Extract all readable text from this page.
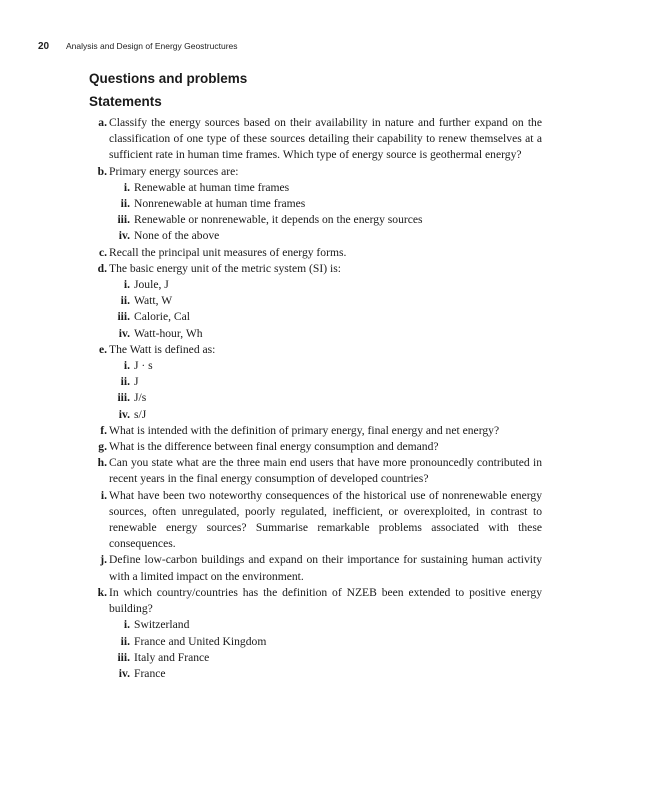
20 Analysis and Design of Energy Geostructures
Questions and problems
Statements
a. Classify the energy sources based on their availability in nature and further expand on the classification of one type of these sources detailing their capability to renew themselves at a sufficient rate in human time frames. Which type of energy source is geothermal energy?
b. Primary energy sources are:
i. Renewable at human time frames
ii. Nonrenewable at human time frames
iii. Renewable or nonrenewable, it depends on the energy sources
iv. None of the above
c. Recall the principal unit measures of energy forms.
d. The basic energy unit of the metric system (SI) is:
i. Joule, J
ii. Watt, W
iii. Calorie, Cal
iv. Watt-hour, Wh
e. The Watt is defined as:
i. J · s
ii. J
iii. J/s
iv. s/J
f. What is intended with the definition of primary energy, final energy and net energy?
g. What is the difference between final energy consumption and demand?
h. Can you state what are the three main end users that have more pronouncedly contributed in recent years in the final energy consumption of developed countries?
i. What have been two noteworthy consequences of the historical use of nonrenewable energy sources, often unregulated, poorly regulated, inefficient, or overexploited, in contrast to renewable energy sources? Summarise remarkable problems associated with these consequences.
j. Define low-carbon buildings and expand on their importance for sustaining human activity with a limited impact on the environment.
k. In which country/countries has the definition of NZEB been extended to positive energy building?
i. Switzerland
ii. France and United Kingdom
iii. Italy and France
iv. France
